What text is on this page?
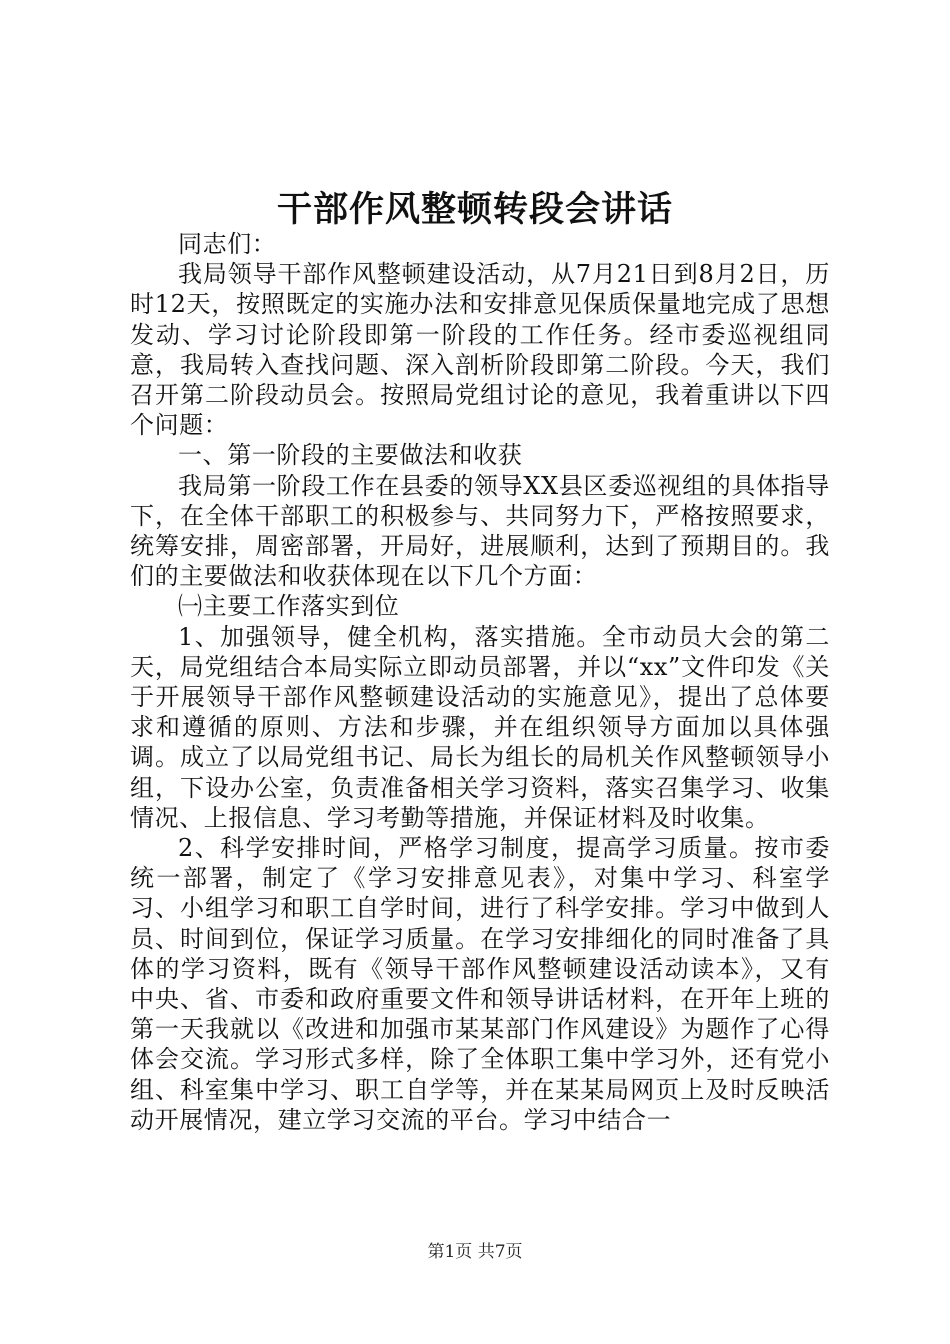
干部作风整顿转段会讲话

同志们：

我局领导干部作风整顿建设活动，从7月21日到8月2日，历时12天，按照既定的实施办法和安排意见保质保量地完成了思想发动、学习讨论阶段即第一阶段的工作任务。经市委巡视组同意，我局转入查找问题、深入剖析阶段即第二阶段。今天，我们召开第二阶段动员会。按照局党组讨论的意见，我着重讲以下四个问题：

一、第一阶段的主要做法和收获

我局第一阶段工作在县委的领导XX县区委巡视组的具体指导下，在全体干部职工的积极参与、共同努力下，严格按照要求，统筹安排，周密部署，开局好，进展顺利，达到了预期目的。我们的主要做法和收获体现在以下几个方面：

㈠主要工作落实到位

1、加强领导，健全机构，落实措施。全市动员大会的第二天，局党组结合本局实际立即动员部署，并以“xx”文件印发《关于开展领导干部作风整顿建设活动的实施意见》，提出了总体要求和遵循的原则、方法和步骤，并在组织领导方面加以具体强调。成立了以局党组书记、局长为组长的局机关作风整顿领导小组，下设办公室，负责准备相关学习资料，落实召集学习、收集情况、上报信息、学习考勤等措施，并保证材料及时收集。

2、科学安排时间，严格学习制度，提高学习质量。按市委统一部署，制定了《学习安排意见表》，对集中学习、科室学习、小组学习和职工自学时间，进行了科学安排。学习中做到人员、时间到位，保证学习质量。在学习安排细化的同时准备了具体的学习资料，既有《领导干部作风整顿建设活动读本》，又有中央、省、市委和政府重要文件和领导讲话材料，在开年上班的第一天我就以《改进和加强市某某部门作风建设》为题作了心得体会交流。学习形式多样，除了全体职工集中学习外，还有党小组、科室集中学习、职工自学等，并在某某局网页上及时反映活动开展情况，建立学习交流的平台。学习中结合一

第1页 共7页
